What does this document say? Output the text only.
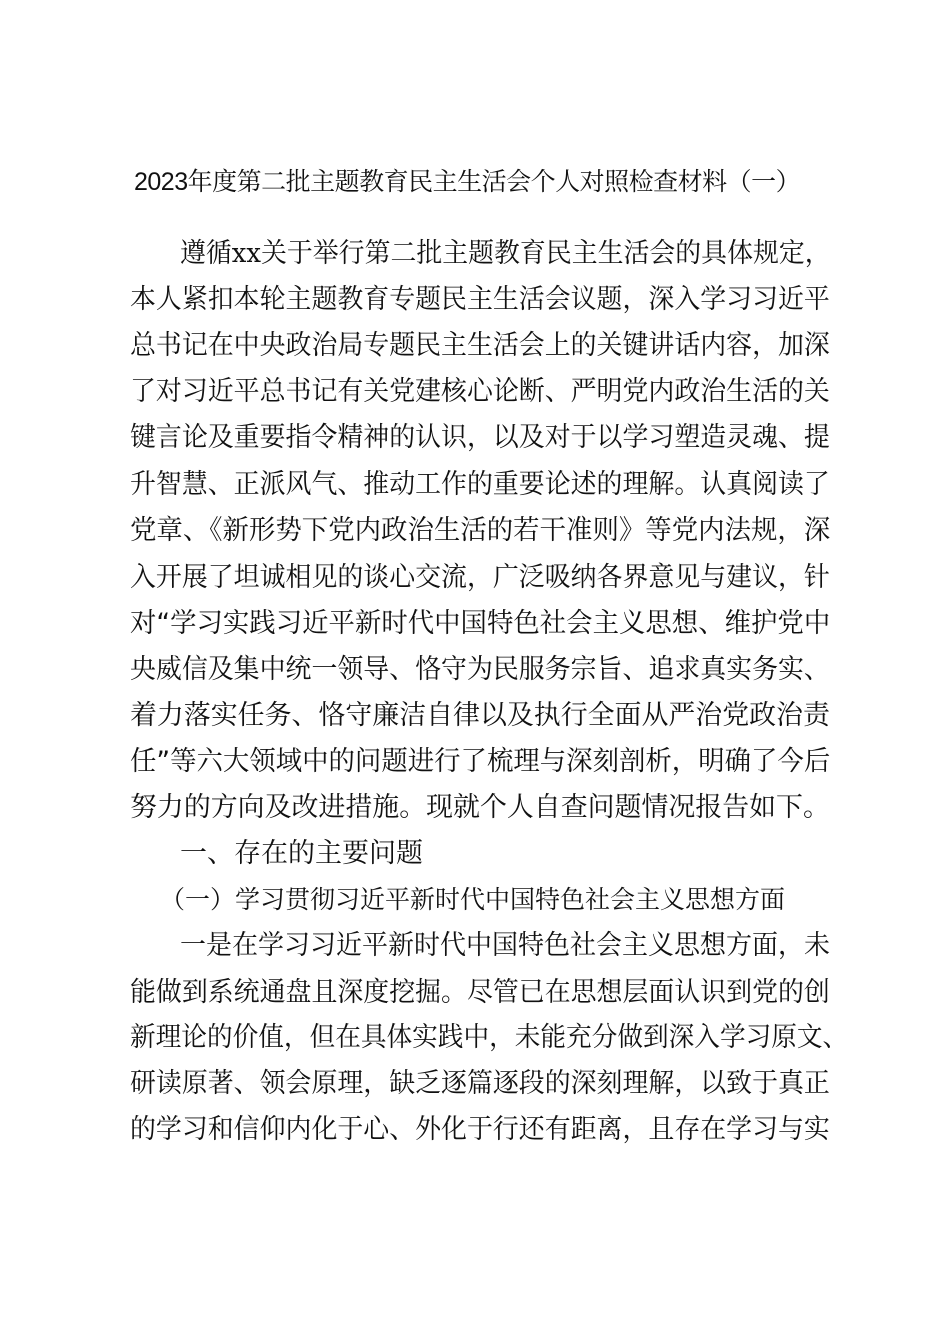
2023年度第二批主题教育民主生活会个人对照检查材料（一）
遵循xx关于举行第二批主题教育民主生活会的具体规定，
本人紧扣本轮主题教育专题民主生活会议题，深入学习习近平
总书记在中央政治局专题民主生活会上的关键讲话内容，加深
了对习近平总书记有关党建核心论断、严明党内政治生活的关
键言论及重要指令精神的认识，以及对于以学习塑造灵魂、提
升智慧、正派风气、推动工作的重要论述的理解。认真阅读了
党章、《新形势下党内政治生活的若干准则》等党内法规，深
入开展了坦诚相见的谈心交流，广泛吸纳各界意见与建议，针
对“学习实践习近平新时代中国特色社会主义思想、维护党中
央威信及集中统一领导、恪守为民服务宗旨、追求真实务实、
着力落实任务、恪守廉洁自律以及执行全面从严治党政治责
任”等六大领域中的问题进行了梳理与深刻剖析，明确了今后
努力的方向及改进措施。现就个人自查问题情况报告如下。
一、存在的主要问题
（一）学习贯彻习近平新时代中国特色社会主义思想方面
一是在学习习近平新时代中国特色社会主义思想方面，未
能做到系统通盘且深度挖掘。尽管已在思想层面认识到党的创
新理论的价值，但在具体实践中，未能充分做到深入学习原文、
研读原著、领会原理，缺乏逐篇逐段的深刻理解，以致于真正
的学习和信仰内化于心、外化于行还有距离，且存在学习与实
